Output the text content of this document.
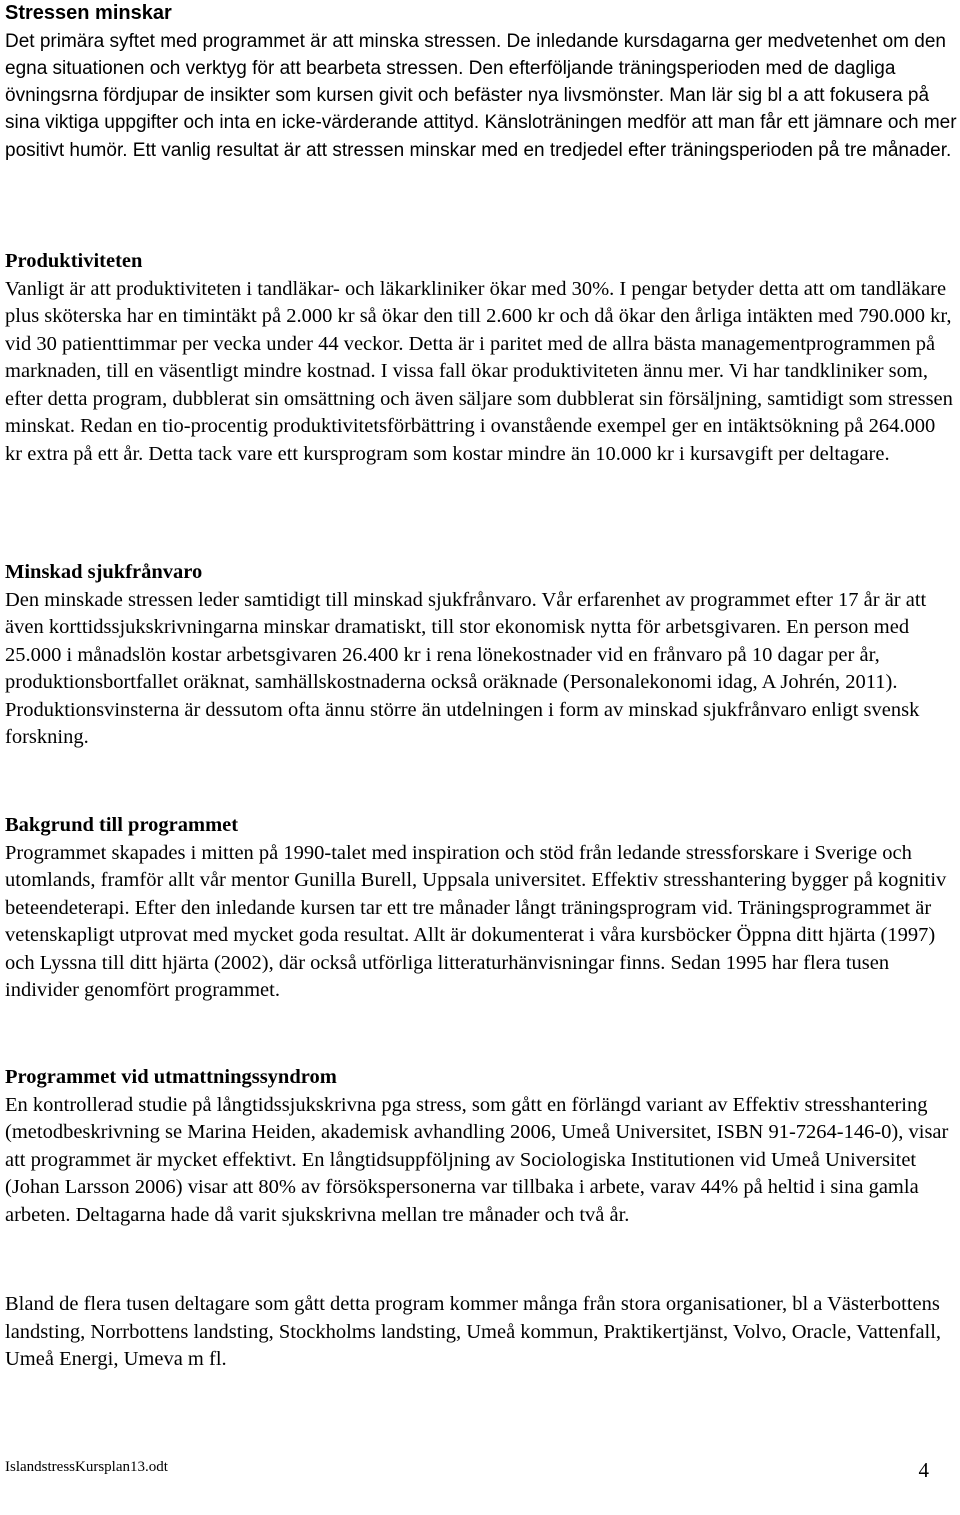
Stressen minskar

Det primära syftet med programmet är att minska stressen. De inledande kursdagarna ger medvetenhet om den egna situationen och verktyg för att bearbeta stressen. Den efterföljande träningsperioden med de dagliga övningsrna fördjupar de insikter som kursen givit och befäster nya livsmönster. Man lär sig bl a att fokusera på sina viktiga uppgifter och inta en icke-värderande attityd. Känsloträningen medför att man får ett jämnare och mer positivt humör. Ett vanlig resultat är att stressen minskar med en tredjedel efter träningsperioden på tre månader.

Produktiviteten

Vanligt är att produktiviteten i tandläkar- och läkarkliniker ökar med 30%. I pengar betyder detta att om tandläkare plus sköterska har en timintäkt på 2.000 kr så ökar den till 2.600 kr och då ökar den årliga intäkten med 790.000 kr, vid 30 patienttimmar per vecka under 44 veckor. Detta är i paritet med de allra bästa managementprogrammen på marknaden, till en väsentligt mindre kostnad. I vissa fall ökar produktiviteten ännu mer. Vi har tandkliniker som, efter detta program, dubblerat sin omsättning och även säljare som dubblerat sin försäljning, samtidigt som stressen minskat. Redan en tio-procentig produktivitetsförbättring i ovanstående exempel ger en intäktsökning på 264.000 kr extra på ett år. Detta tack vare ett kursprogram som kostar mindre än 10.000 kr i kursavgift per deltagare.

Minskad sjukfrånvaro

Den minskade stressen leder samtidigt till minskad sjukfrånvaro. Vår erfarenhet av programmet efter 17 år är att även korttidssjukskrivningarna minskar dramatiskt, till stor ekonomisk nytta för arbetsgivaren. En person med 25.000 i månadslön kostar arbetsgivaren 26.400 kr i rena lönekostnader vid en frånvaro på 10 dagar per år, produktionsbortfallet oräknat, samhällskostnaderna också oräknade (Personalekonomi idag, A Johrén, 2011). Produktionsvinsterna är dessutom ofta ännu större än utdelningen i form av minskad sjukfrånvaro enligt svensk forskning.

Bakgrund till programmet

Programmet skapades i mitten på 1990-talet med inspiration och stöd från ledande stressforskare i Sverige och utomlands, framför allt vår mentor Gunilla Burell, Uppsala universitet. Effektiv stresshantering bygger på kognitiv beteendeterapi. Efter den inledande kursen tar ett tre månader långt träningsprogram vid. Träningsprogrammet är vetenskapligt utprovat med mycket goda resultat. Allt är dokumenterat i våra kursböcker Öppna ditt hjärta (1997) och Lyssna till ditt hjärta (2002), där också utförliga litteraturhänvisningar finns. Sedan 1995 har flera tusen individer genomfört programmet.

Programmet vid utmattningssyndrom

En kontrollerad studie på långtidssjukskrivna pga stress, som gått en förlängd variant av Effektiv stresshantering (metodbeskrivning se Marina Heiden, akademisk avhandling 2006, Umeå Universitet, ISBN 91-7264-146-0), visar att programmet är mycket effektivt. En långtidsuppföljning av Sociologiska Institutionen vid Umeå Universitet (Johan Larsson 2006) visar att 80% av försökspersonerna var tillbaka i arbete, varav 44% på heltid i sina gamla arbeten. Deltagarna hade då varit sjukskrivna mellan tre månader och två år.

Bland de flera tusen deltagare som gått detta program kommer många från stora organisationer, bl a Västerbottens landsting, Norrbottens landsting, Stockholms landsting, Umeå kommun, Praktikertjänst, Volvo, Oracle, Vattenfall, Umeå Energi, Umeva m fl.

IslandstressKursplan13.odt	4
